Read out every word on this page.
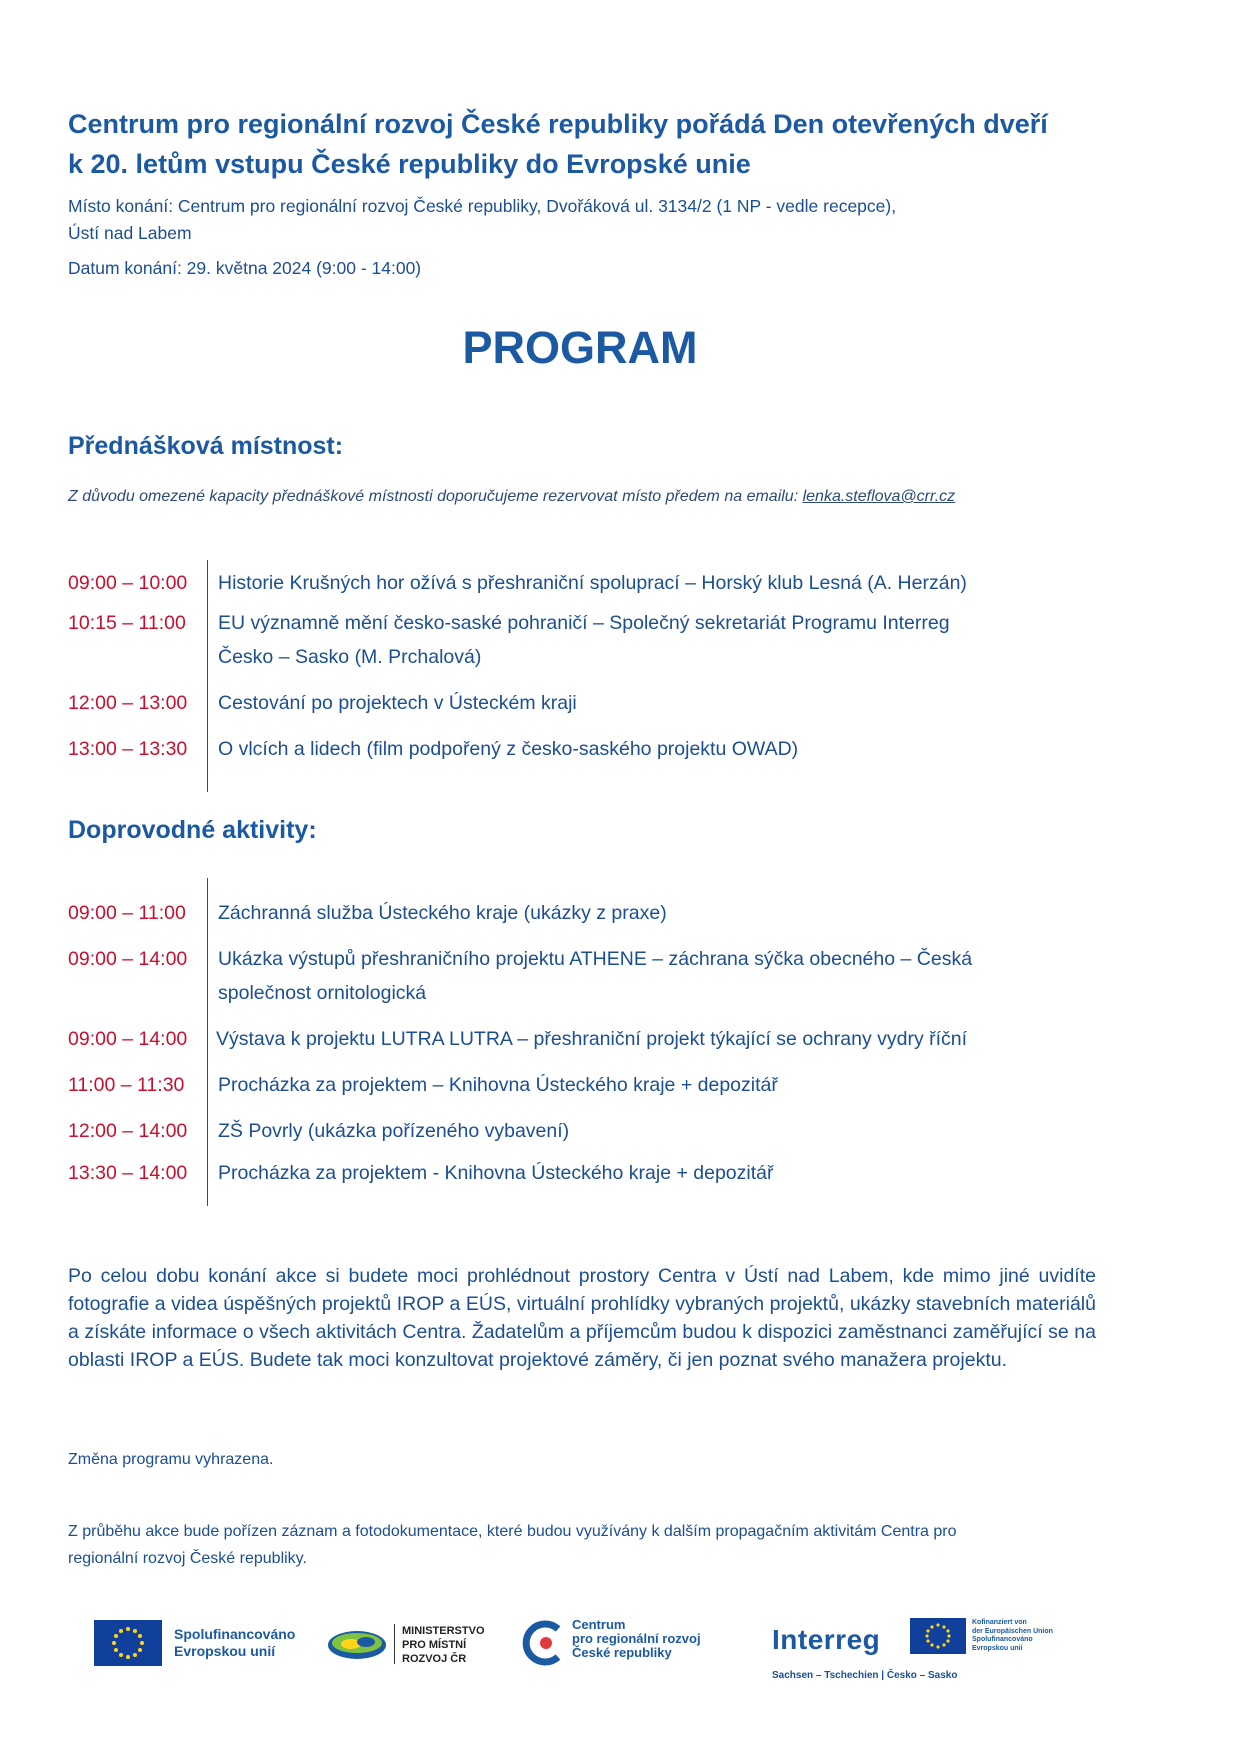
Centrum pro regionální rozvoj České republiky pořádá Den otevřených dveří
k 20. letům vstupu České republiky do Evropské unie
Místo konání: Centrum pro regionální rozvoj České republiky, Dvořáková ul. 3134/2 (1 NP - vedle recepce),
Ústí nad Labem
Datum konání: 29. května 2024 (9:00 - 14:00)
PROGRAM
Přednášková místnost:
Z důvodu omezené kapacity přednáškové místnosti doporučujeme rezervovat místo předem na emailu: lenka.steflova@crr.cz
09:00 – 10:00	Historie Krušných hor ožívá s přeshraniční spoluprací – Horský klub Lesná (A. Herzán)
10:15 – 11:00	EU významně mění česko-saské pohraničí – Společný sekretariát Programu Interreg
Česko – Sasko (M. Prchalová)
12:00 – 13:00	Cestování po projektech v Ústeckém kraji
13:00 – 13:30	O vlcích a lidech (film podpořený z česko-saského projektu OWAD)
Doprovodné aktivity:
09:00 – 11:00	Záchranná služba Ústeckého kraje (ukázky z praxe)
09:00 – 14:00	Ukázka výstupů přeshraničního projektu ATHENE – záchrana sýčka obecného – Česká
společnost ornitologická
09:00 – 14:00	Výstava k projektu LUTRA LUTRA – přeshraniční projekt týkající se ochrany vydry říční
11:00 – 11:30	Procházka za projektem – Knihovna Ústeckého kraje + depozitář
12:00 – 14:00	ZŠ Povrly (ukázka pořízeného vybavení)
13:30 – 14:00	Procházka za projektem - Knihovna Ústeckého kraje + depozitář
Po celou dobu konání akce si budete moci prohlédnout prostory Centra v Ústí nad Labem, kde mimo jiné uvidíte fotografie a videa úspěšných projektů IROP a EÚS, virtuální prohlídky vybraných projektů, ukázky stavebních materiálů a získáte informace o všech aktivitách Centra. Žadatelům a příjemcům budou k dispozici zaměstnanci zaměřující se na oblasti IROP a EÚS. Budete tak moci konzultovat projektové záměry, či jen poznat svého manažera projektu.
Změna programu vyhrazena.
Z průběhu akce bude pořízen záznam a fotodokumentace, které budou využívány k dalším propagačním aktivitám Centra pro
regionální rozvoj České republiky.
Spolufinancováno
Evropskou unií
MINISTERSTVO
PRO MÍSTNÍ
ROZVOJ ČR
Centrum
pro regionální rozvoj
České republiky	Interreg
Kofinanziert von
der Europäischen Union
Spolufinancováno
Evropskou unií
Sachsen – Tschechien | Česko – Sasko
